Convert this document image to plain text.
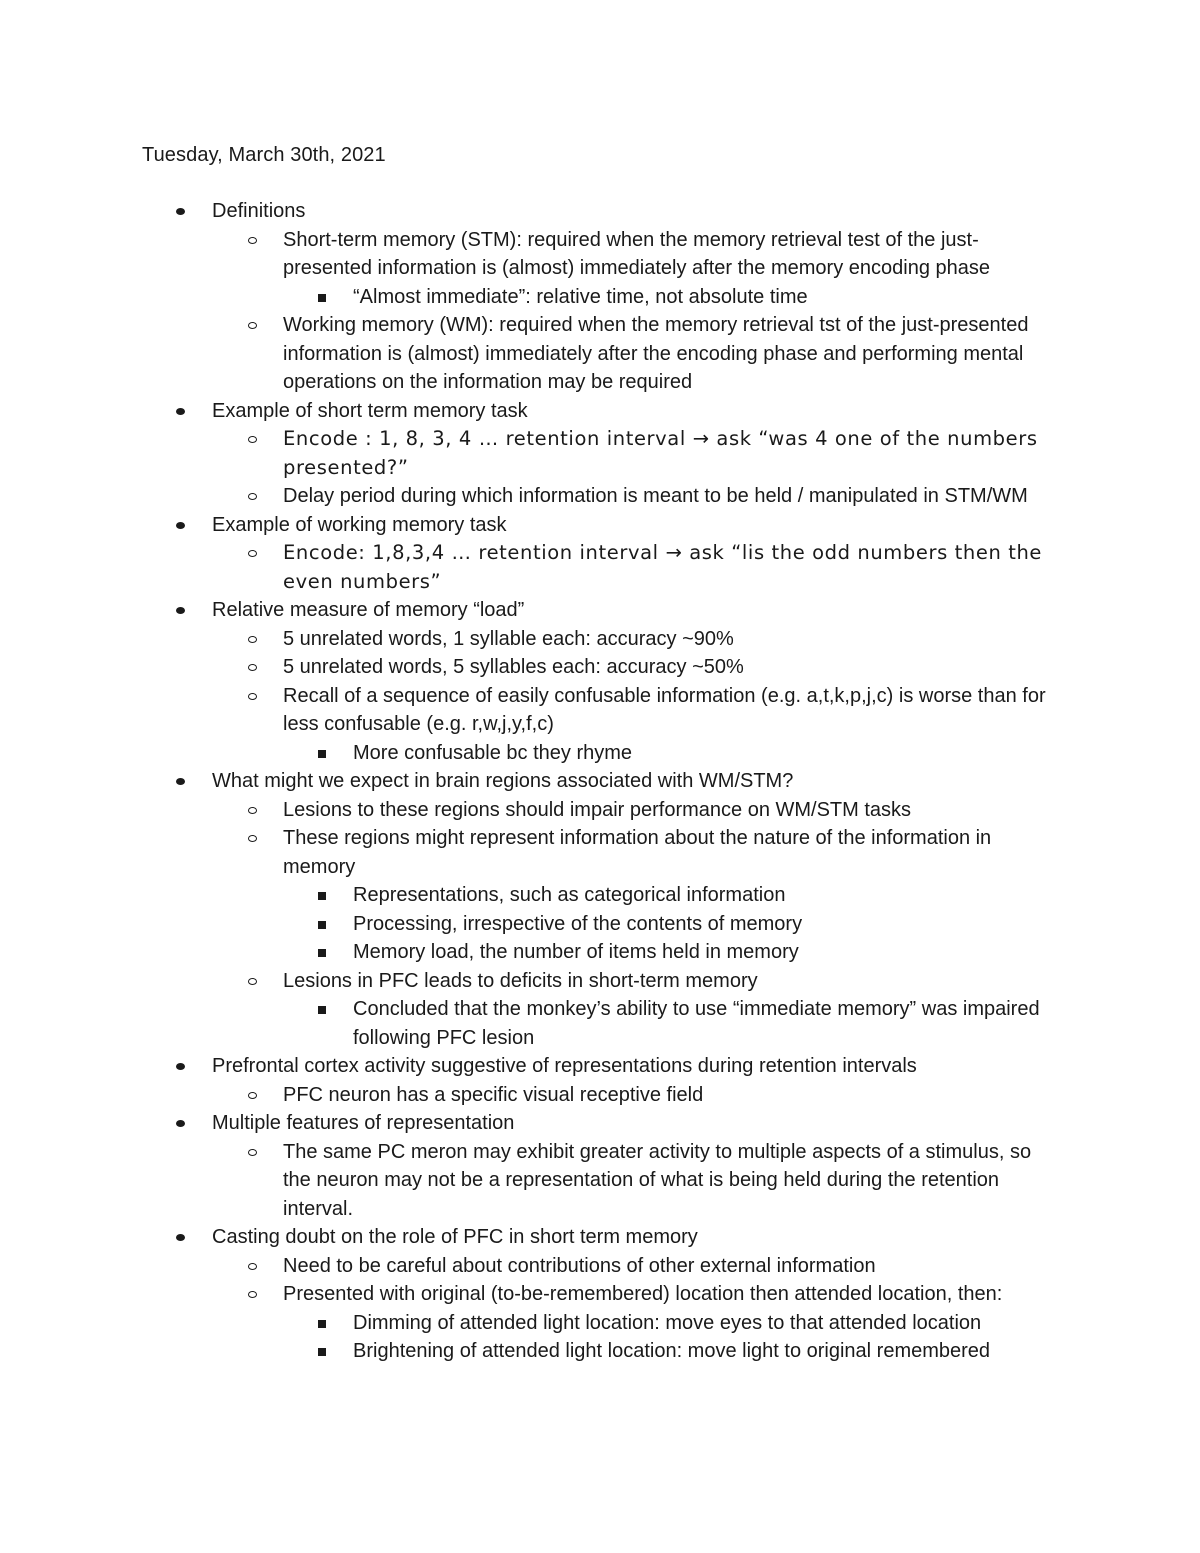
Tuesday, March 30th, 2021
Definitions
Short-term memory (STM): required when the memory retrieval test of the just-presented information is (almost) immediately after the memory encoding phase
“Almost immediate”: relative time, not absolute time
Working memory (WM): required when the memory retrieval tst of the just-presented information is (almost) immediately after the encoding phase and performing mental operations on the information may be required
Example of short term memory task
Encode : 1, 8, 3, 4 … retention interval → ask “was 4 one of the numbers presented?”
Delay period during which information is meant to be held / manipulated in STM/WM
Example of working memory task
Encode: 1,8,3,4 … retention interval → ask “lis the odd numbers then the even numbers”
Relative measure of memory “load”
5 unrelated words, 1 syllable each: accuracy ~90%
5 unrelated words, 5 syllables each: accuracy ~50%
Recall of a sequence of easily confusable information (e.g. a,t,k,p,j,c) is worse than for less confusable (e.g. r,w,j,y,f,c)
More confusable bc they rhyme
What might we expect in brain regions associated with WM/STM?
Lesions to these regions should impair performance on WM/STM tasks
These regions might represent information about the nature of the information in memory
Representations, such as categorical information
Processing, irrespective of the contents of memory
Memory load, the number of items held in memory
Lesions in PFC leads to deficits in short-term memory
Concluded that the monkey’s ability to use “immediate memory” was impaired following PFC lesion
Prefrontal cortex activity suggestive of representations during retention intervals
PFC neuron has a specific visual receptive field
Multiple features of representation
The same PC meron may exhibit greater activity to multiple aspects of a stimulus, so the neuron may not be a representation of what is being held during the retention interval.
Casting doubt on the role of PFC in short term memory
Need to be careful about contributions of other external information
Presented with original (to-be-remembered) location then attended location, then:
Dimming of attended light location: move eyes to that attended location
Brightening of attended light location: move light to original remembered
